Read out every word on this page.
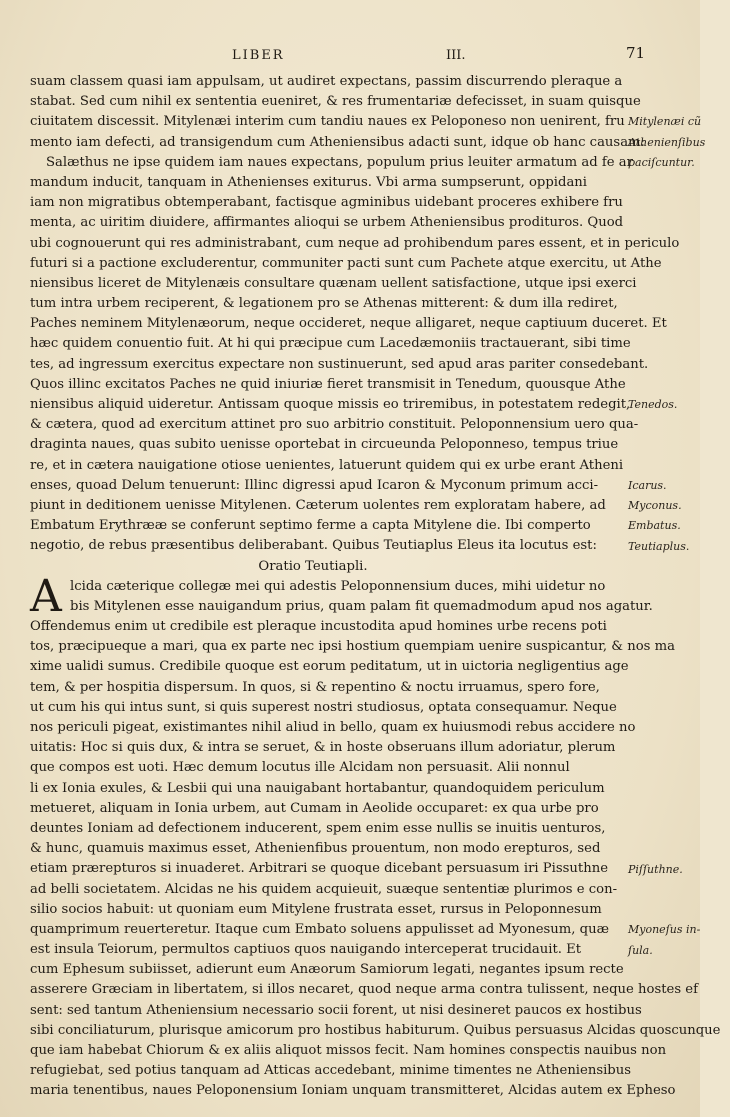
LIBER	III.	71
Mitylenæi cũ
Athenienſibus
paciſcuntur.
Tenedos.
Icarus.
Myconus.
Embatus.
Teutiaplus.
Piſſuthne.
Myoneſus in-
ſula.
suam classem quasi iam appulsam, ut audiret expectans, passim discurrendo pleraque a
stabat. Sed cum nihil ex sententia eueniret, & res frumentariæ defecisset, in suam quisque
ciuitatem discessit. Mitylenæi interim cum tandiu naues ex Peloponeso non uenirent, fru
mento iam defecti, ad transigendum cum Atheniensibus adacti sunt, idque ob hanc causam:
Salæthus ne ipse quidem iam naues expectans, populum prius leuiter armatum ad fe ar
mandum inducit, tanquam in Athenienses exiturus. Vbi arma sumpserunt, oppidani
iam non migratibus obtemperabant, factisque agminibus uidebant proceres exhibere fru
menta, ac uiritim diuidere, affirmantes alioqui se urbem Atheniensibus prodituros. Quod
ubi cognouerunt qui res administrabant, cum neque ad prohibendum pares essent, et in periculo
futuri si a pactione excluderentur, communiter pacti sunt cum Pachete atque exercitu, ut Athe
niensibus liceret de Mitylenæis consultare quænam uellent satisfactione, utque ipsi exerci
tum intra urbem reciperent, & legationem pro se Athenas mitterent: & dum illa rediret,
Paches neminem Mitylenæorum, neque occideret, neque alligaret, neque captiuum duceret. Et
hæc quidem conuentio fuit. At hi qui præcipue cum Lacedæmoniis tractauerant, sibi time
tes, ad ingressum exercitus expectare non sustinuerunt, sed apud aras pariter consedebant.
Quos illinc excitatos Paches ne quid iniuriæ fieret transmisit in Tenedum, quousque Athe
niensibus aliquid uideretur. Antissam quoque missis eo triremibus, in potestatem redegit,
& cætera, quod ad exercitum attinet pro suo arbitrio constituit. Peloponnensium uero qua-
draginta naues, quas subito uenisse oportebat in circueunda Peloponneso, tempus triue
re, et in cætera nauigatione otiose uenientes, latuerunt quidem qui ex urbe erant Atheni
enses, quoad Delum tenuerunt: Illinc digressi apud Icaron & Myconum primum acci-
piunt in deditionem uenisse Mitylenen. Cæterum uolentes rem exploratam habere, ad
Embatum Erythrææ se conferunt septimo ferme a capta Mitylene die. Ibi comperto
negotio, de rebus præsentibus deliberabant. Quibus Teutiaplus Eleus ita locutus est:
Oratio Teutiapli.
A lcida cæterique collegæ mei qui adestis Peloponnensium duces, mihi uidetur no
bis Mitylenen esse nauigandum prius, quam palam fit quemadmodum apud nos agatur.
Offendemus enim ut credibile est pleraque incustodita apud homines urbe recens poti
tos, præcipueque a mari, qua ex parte nec ipsi hostium quempiam uenire suspicantur, & nos ma
xime ualidi sumus. Credibile quoque est eorum peditatum, ut in uictoria negligentius age
tem, & per hospitia dispersum. In quos, si & repentino & noctu irruamus, spero fore,
ut cum his qui intus sunt, si quis superest nostri studiosus, optata consequamur. Neque
nos periculi pigeat, existimantes nihil aliud in bello, quam ex huiusmodi rebus accidere no
uitatis: Hoc si quis dux, & intra se seruet, & in hoste obseruans illum adoriatur, plerum
que compos est uoti. Hæc demum locutus ille Alcidam non persuasit. Alii nonnul
li ex Ionia exules, & Lesbii qui una nauigabant hortabantur, quandoquidem periculum
metueret, aliquam in Ionia urbem, aut Cumam in Aeolide occuparet: ex qua urbe pro
deuntes Ioniam ad defectionem inducerent, spem enim esse nullis se inuitis uenturos,
& hunc, quamuis maximus esset, Athenienfibus prouentum, non modo erepturos, sed
etiam prærepturos si inuaderet. Arbitrari se quoque dicebant persuasum iri Pissuthne
ad belli societatem. Alcidas ne his quidem acquieuit, suæque sententiæ plurimos e con-
silio socios habuit: ut quoniam eum Mitylene frustrata esset, rursus in Peloponnesum
quamprimum reuerteretur. Itaque cum Embato soluens appulisset ad Myonesum, quæ
est insula Teiorum, permultos captiuos quos nauigando interceperat trucidauit. Et
cum Ephesum subiisset, adierunt eum Anæorum Samiorum legati, negantes ipsum recte
asserere Græciam in libertatem, si illos necaret, quod neque arma contra tulissent, neque hostes ef
sent: sed tantum Atheniensium necessario socii forent, ut nisi desineret paucos ex hostibus
sibi conciliaturum, plurisque amicorum pro hostibus habiturum. Quibus persuasus Alcidas quoscunque
que iam habebat Chiorum & ex aliis aliquot missos fecit. Nam homines conspectis nauibus non
refugiebat, sed potius tanquam ad Atticas accedebant, minime timentes ne Atheniensibus
maria tenentibus, naues Peloponensium Ioniam unquam transmitteret, Alcidas autem ex Epheso
